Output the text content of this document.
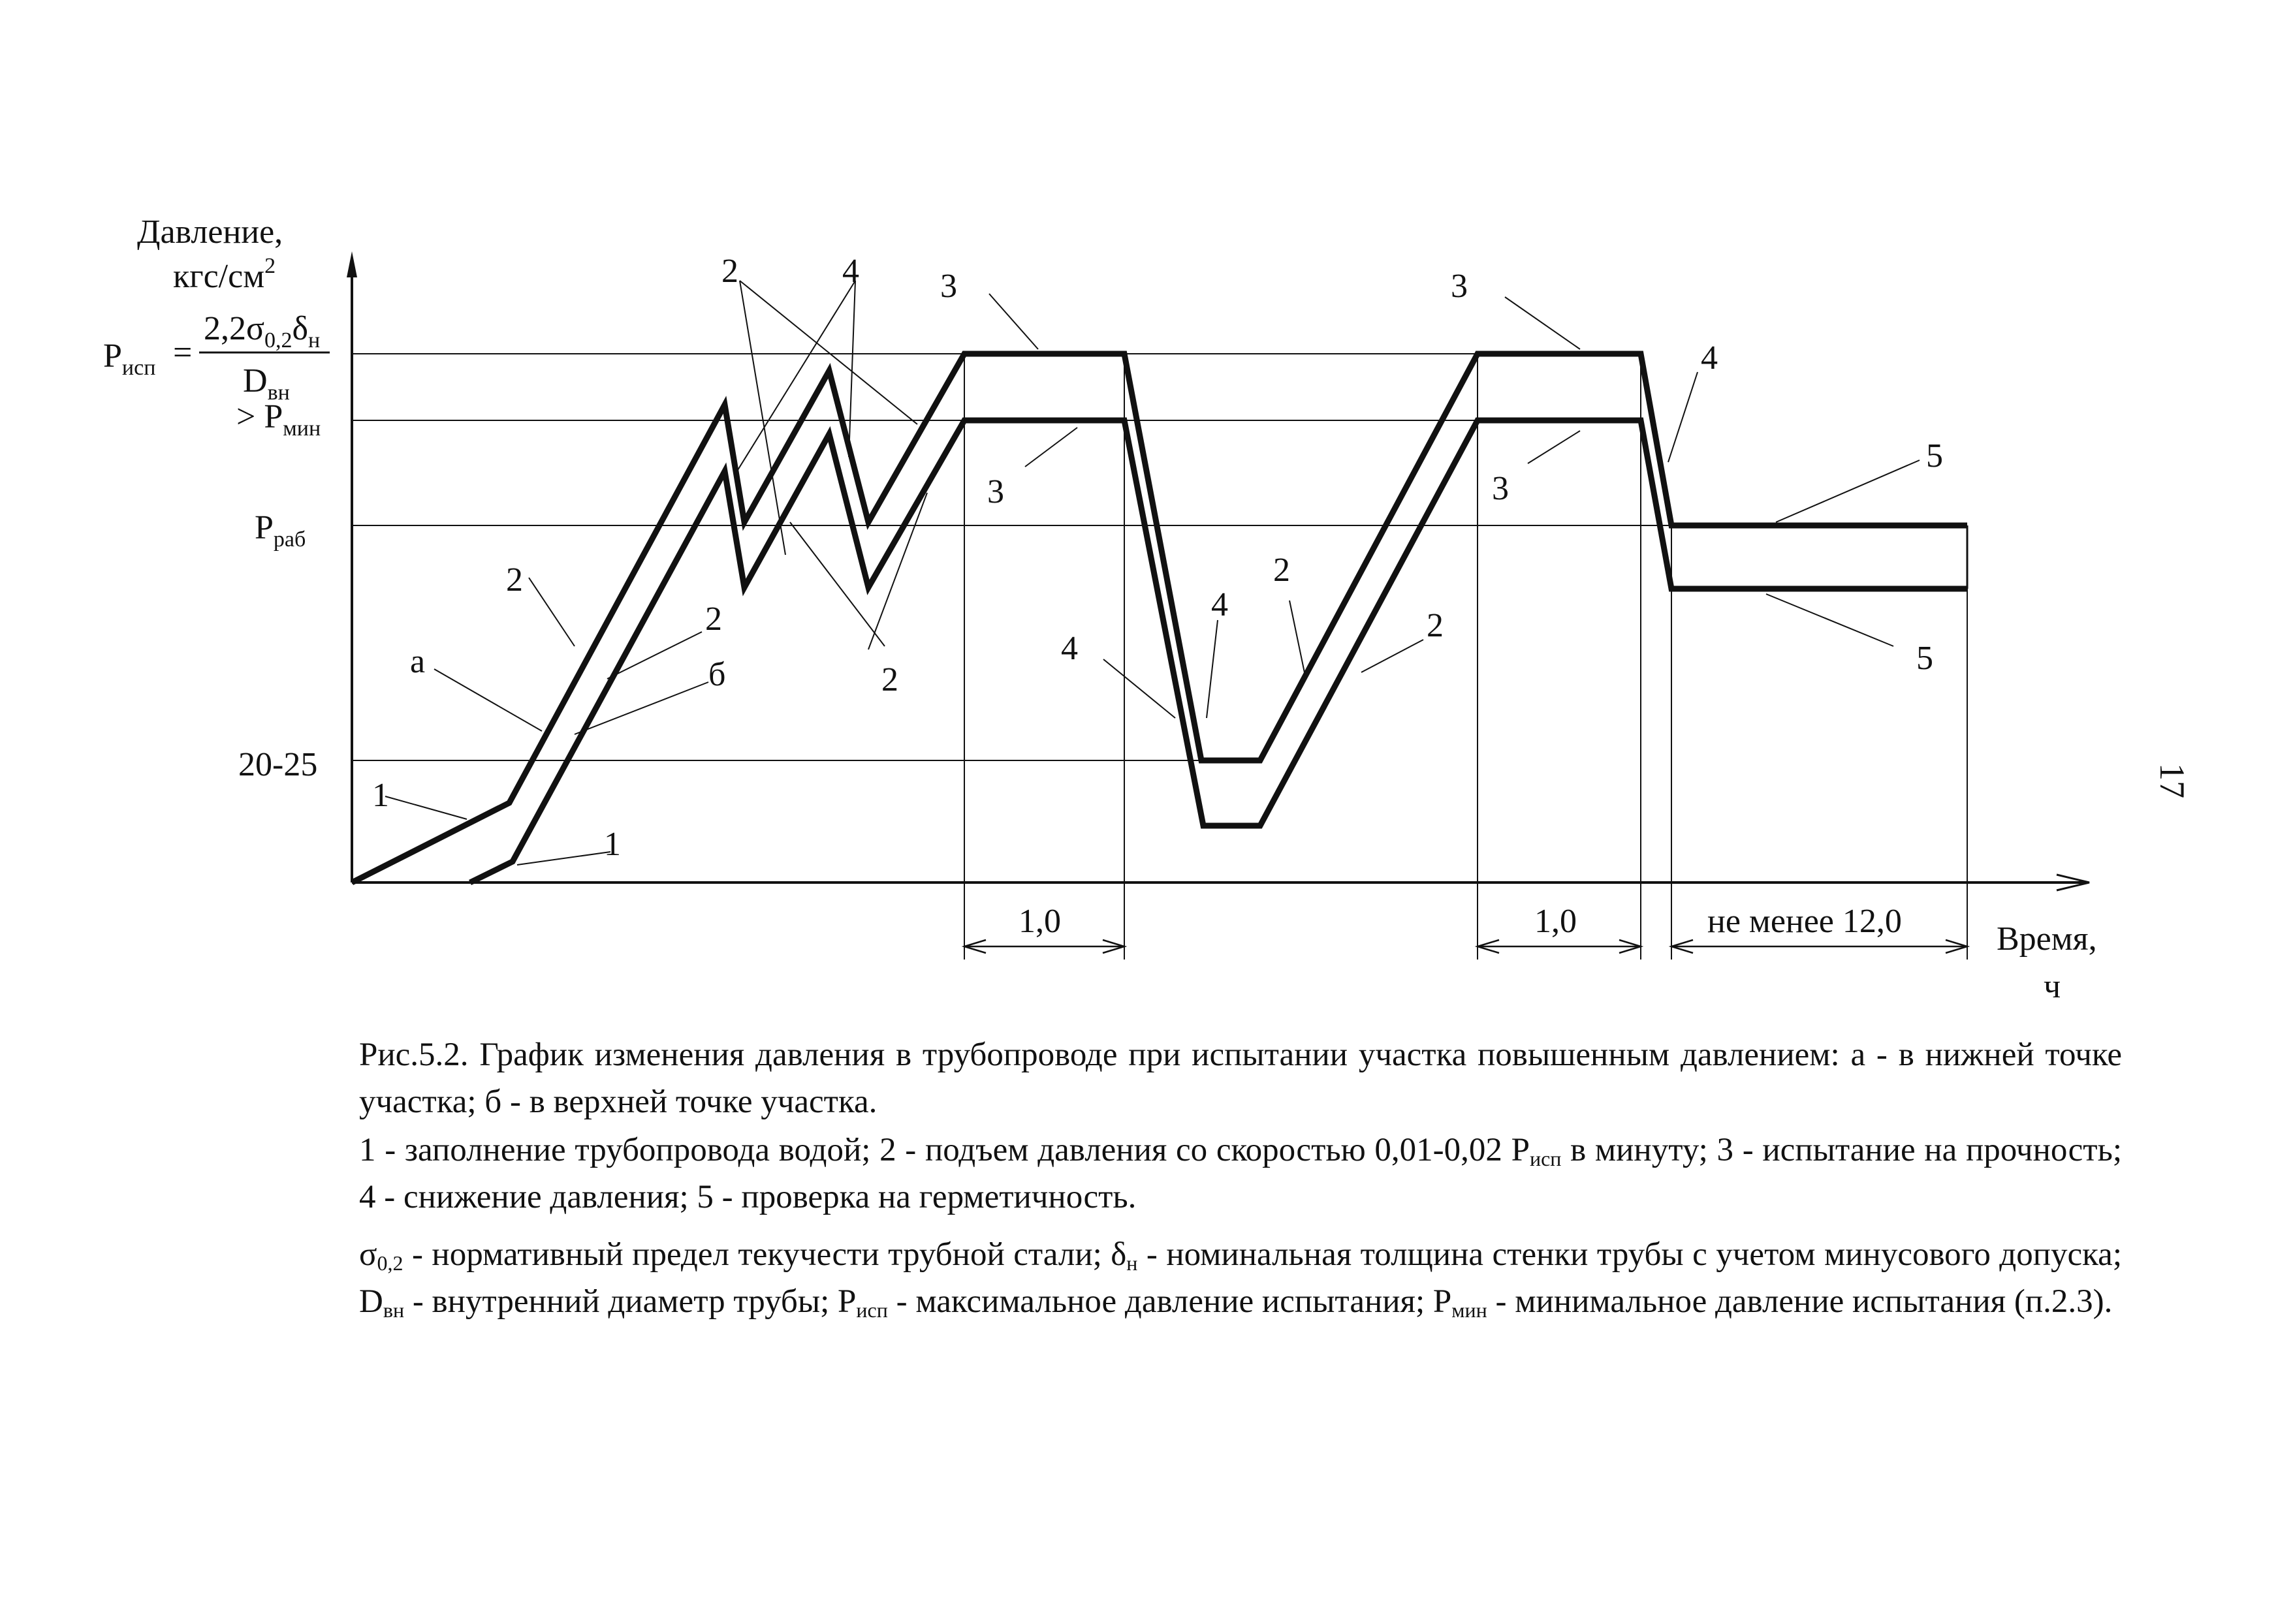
Давление,
кгс/$см^2$
Время,
ч
$P_{исп}$ =
$2,2\sigma_{0,2}\delta_н$
$D_{вн}$
> $P_{мин}$
$P_{раб}$
20-25
а	б
1
1
2
2
2
2
2
2
4 3
3
3
3
4
4
4
5
5
1,0	1,0	не менее 12,0
Рис.5.2. График изменения давления в трубопроводе при испытании участка повышенным давлением: а - в нижней точке участка; б - в верхней точке участка.
1 - заполнение трубопровода водой; 2 - подъем давления со скоростью 0,01-0,02 $P_{исп}$ в минуту; 3 - испытание на прочность; 4 - снижение давления; 5 - проверка на герметичность.
$\sigma_{0,2}$ - нормативный предел текучести трубной стали; $\delta_н$ - номинальная толщина стенки трубы с учетом минусового допуска; $D_{вн}$ - внутренний диаметр трубы; $P_{исп}$ - максимальное давление испытания; $P_{мин}$ - минимальное давление испытания (п.2.3).
17
